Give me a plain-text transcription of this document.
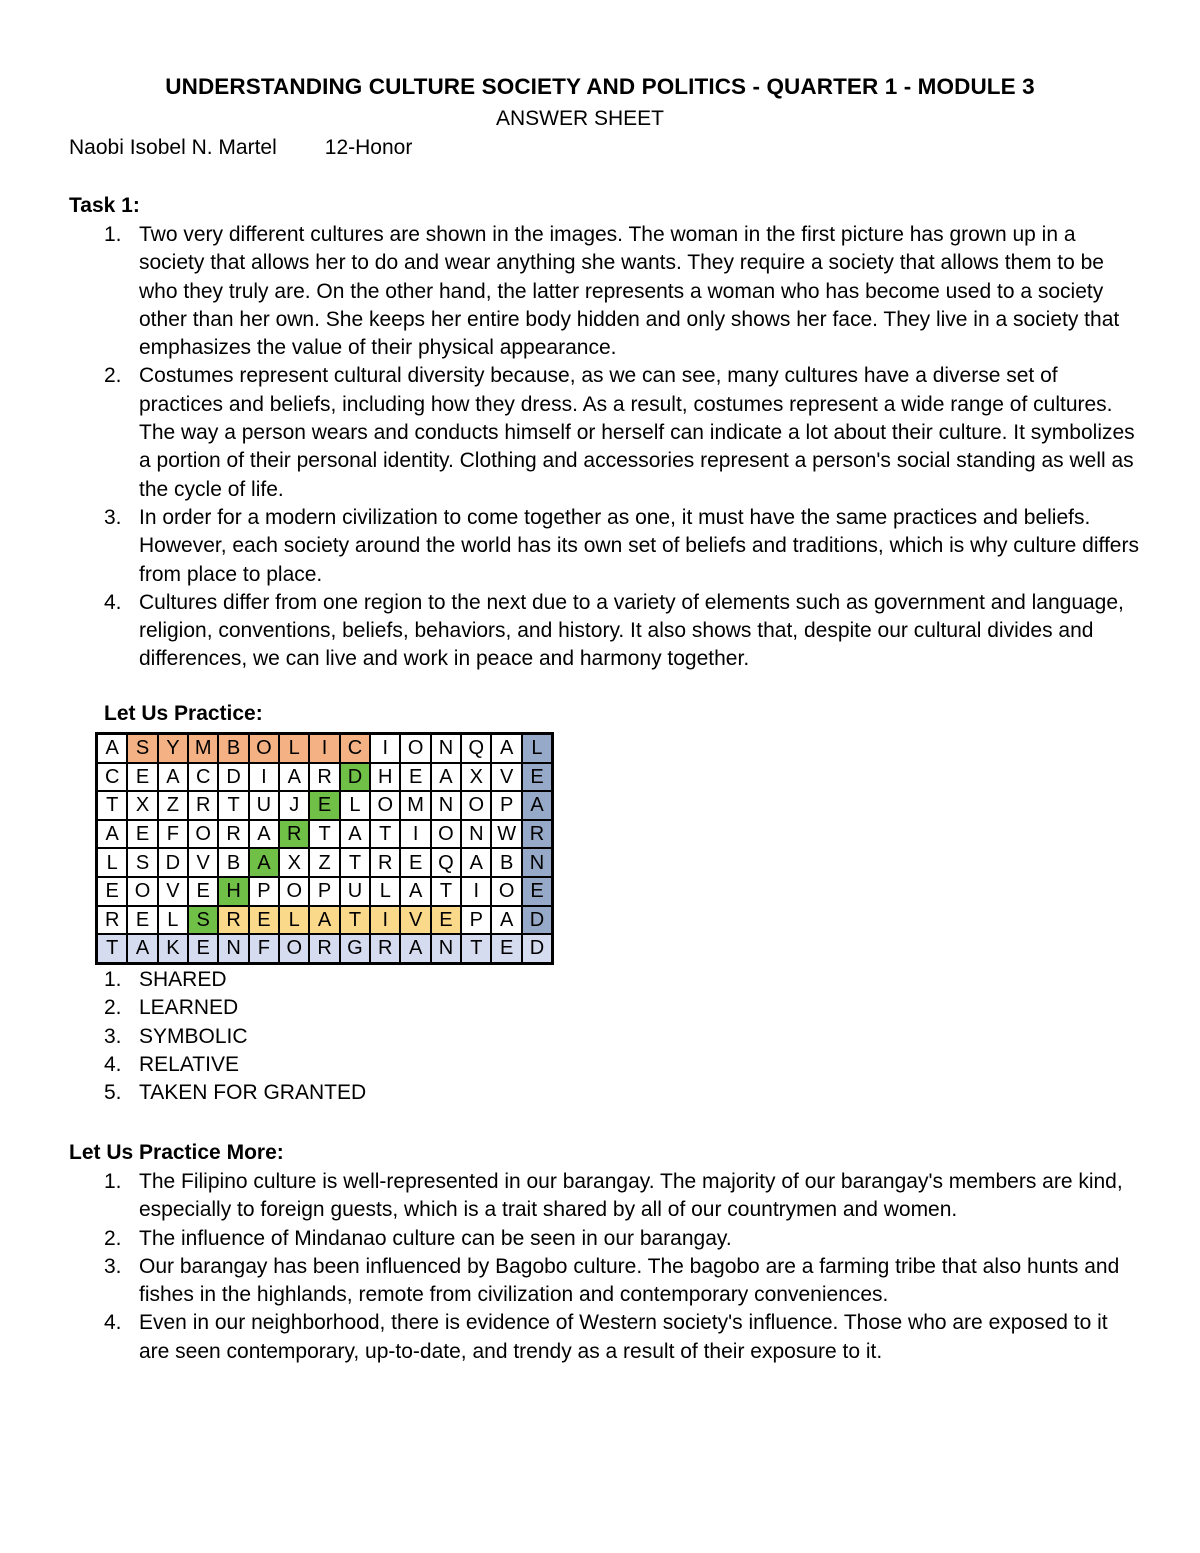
UNDERSTANDING CULTURE SOCIETY AND POLITICS - QUARTER 1 - MODULE 3
ANSWER SHEET
Naobi Isobel N. Martel 12-Honor
Task 1:
1. Two very different cultures are shown in the images. The woman in the first picture has grown up in a society that allows her to do and wear anything she wants. They require a society that allows them to be who they truly are. On the other hand, the latter represents a woman who has become used to a society other than her own. She keeps her entire body hidden and only shows her face. They live in a society that emphasizes the value of their physical appearance.
2. Costumes represent cultural diversity because, as we can see, many cultures have a diverse set of practices and beliefs, including how they dress. As a result, costumes represent a wide range of cultures. The way a person wears and conducts himself or herself can indicate a lot about their culture. It symbolizes a portion of their personal identity. Clothing and accessories represent a person's social standing as well as the cycle of life.
3. In order for a modern civilization to come together as one, it must have the same practices and beliefs. However, each society around the world has its own set of beliefs and traditions, which is why culture differs from place to place.
4. Cultures differ from one region to the next due to a variety of elements such as government and language, religion, conventions, beliefs, behaviors, and history. It also shows that, despite our cultural divides and differences, we can live and work in peace and harmony together.
Let Us Practice:
A	S	Y	M	B	O	L	I	C	I	O	N	Q	A	L
C	E	A	C	D	I	A	R	D	H	E	A	X	V	E
T	X	Z	R	T	U	J	E	L	O	M	N	O	P	A
A	E	F	O	R	A	R	T	A	T	I	O	N	W	R
L	S	D	V	B	A	X	Z	T	R	E	Q	A	B	N
E	O	V	E	H	P	O	P	U	L	A	T	I	O	E
R	E	L	S	R	E	L	A	T	I	V	E	P	A	D
T	A	K	E	N	F	O	R	G	R	A	N	T	E	D
1. SHARED
2. LEARNED
3. SYMBOLIC
4. RELATIVE
5. TAKEN FOR GRANTED
Let Us Practice More:
1. The Filipino culture is well-represented in our barangay. The majority of our barangay's members are kind, especially to foreign guests, which is a trait shared by all of our countrymen and women.
2. The influence of Mindanao culture can be seen in our barangay.
3. Our barangay has been influenced by Bagobo culture. The bagobo are a farming tribe that also hunts and fishes in the highlands, remote from civilization and contemporary conveniences.
4. Even in our neighborhood, there is evidence of Western society's influence. Those who are exposed to it are seen contemporary, up-to-date, and trendy as a result of their exposure to it.
